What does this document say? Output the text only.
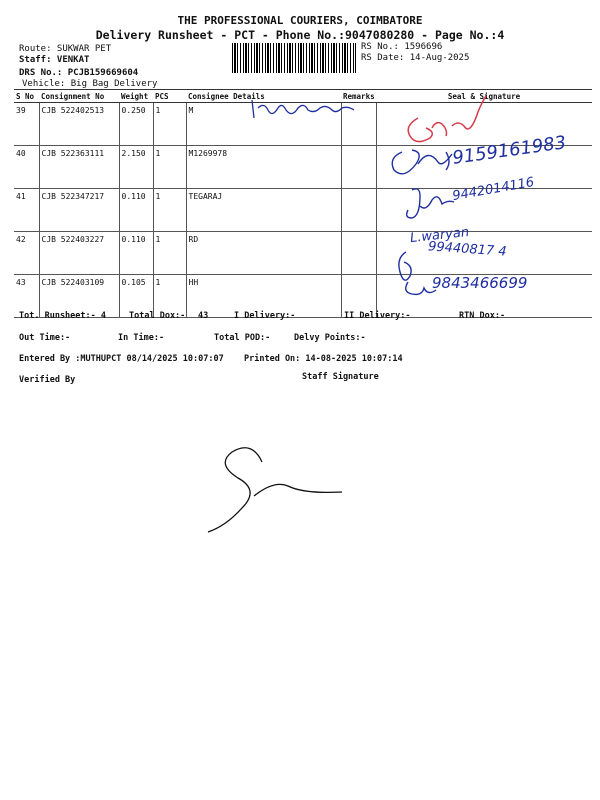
THE PROFESSIONAL COURIERS, COIMBATORE
Delivery Runsheet - PCT - Phone No.:9047080280 - Page No.:4
Route: SUKWAR PET
Staff: VENKAT
DRS No.: PCJB159669604
Vehicle: Big Bag Delivery
RS No.: 1596696
RS Date: 14-Aug-2025
S No	Consignment No	Weight	PCS	Consignee Details	Remarks	Seal & Signature
39	CJB 522402513	0.250	1	M		
40	CJB 522363111	2.150	1	M1269978		
41	CJB 522347217	0.110	1	TEGARAJ		
42	CJB 522403227	0.110	1	RD		
43	CJB 522403109	0.105	1	HH		
9159161983
9442014116
L.waryan
99440817 4
9843466699
Tot. Runsheet:- 4	Total Dox:- 43	I Delivery:-	II Delivery:-	RTN Dox:-
Out Time:-	In Time:-	Total POD:-	Delvy Points:-
Entered By :MUTHUPCT 08/14/2025 10:07:07 Printed On: 14-08-2025 10:07:14
Verified By	Staff Signature
